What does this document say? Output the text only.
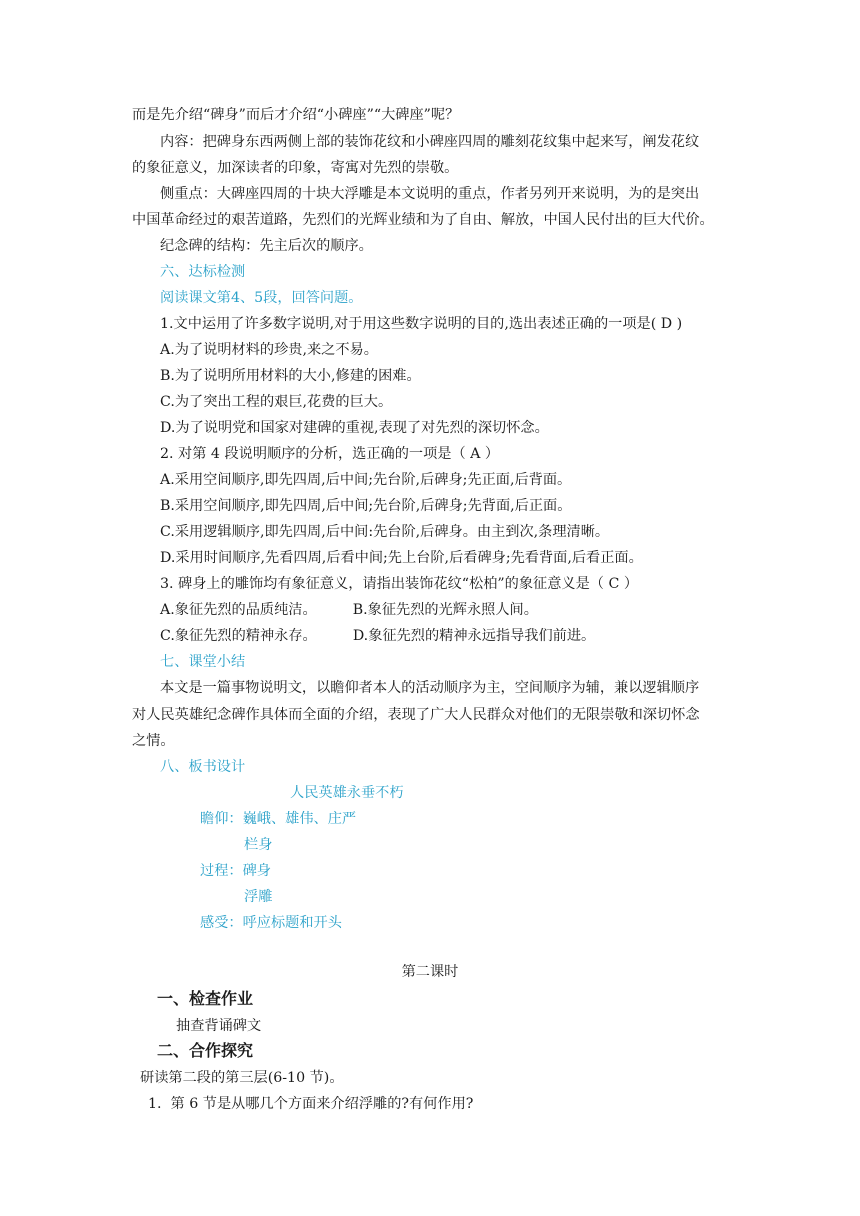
而是先介绍“碑身”而后才介绍“小碑座”“大碑座”呢？
内容：把碑身东西两侧上部的装饰花纹和小碑座四周的雕刻花纹集中起来写，阐发花纹
的象征意义，加深读者的印象，寄寓对先烈的崇敬。
侧重点：大碑座四周的十块大浮雕是本文说明的重点，作者另列开来说明，为的是突出
中国革命经过的艰苦道路，先烈们的光辉业绩和为了自由、解放，中国人民付出的巨大代价。
纪念碑的结构：先主后次的顺序。
六、达标检测
阅读课文第4、5段，回答问题。
1.文中运用了许多数字说明,对于用这些数字说明的目的,选出表述正确的一项是( D )
A.为了说明材料的珍贵,来之不易。
B.为了说明所用材料的大小,修建的困难。
C.为了突出工程的艰巨,花费的巨大。
D.为了说明党和国家对建碑的重视,表现了对先烈的深切怀念。
2. 对第 4 段说明顺序的分析，选正确的一项是（ A ）
A.采用空间顺序,即先四周,后中间;先台阶,后碑身;先正面,后背面。
B.采用空间顺序,即先四周,后中间;先台阶,后碑身;先背面,后正面。
C.采用逻辑顺序,即先四周,后中间:先台阶,后碑身。由主到次,条理清晰。
D.采用时间顺序,先看四周,后看中间;先上台阶,后看碑身;先看背面,后看正面。
3. 碑身上的雕饰均有象征意义，请指出装饰花纹“松柏”的象征意义是（ C ）
A.象征先烈的品质纯洁。        B.象征先烈的光辉永照人间。
C.象征先烈的精神永存。        D.象征先烈的精神永远指导我们前进。
七、课堂小结
本文是一篇事物说明文，以瞻仰者本人的活动顺序为主，空间顺序为辅，兼以逻辑顺序
对人民英雄纪念碑作具体而全面的介绍，表现了广大人民群众对他们的无限崇敬和深切怀念
之情。
八、板书设计
人民英雄永垂不朽
瞻仰：巍峨、雄伟、庄严
栏身
过程：碑身
浮雕
感受：呼应标题和开头
第二课时
一、检查作业
抽查背诵碑文
二、合作探究
研读第二段的第三层(6-10 节)。
1.  第 6 节是从哪几个方面来介绍浮雕的?有何作用?
